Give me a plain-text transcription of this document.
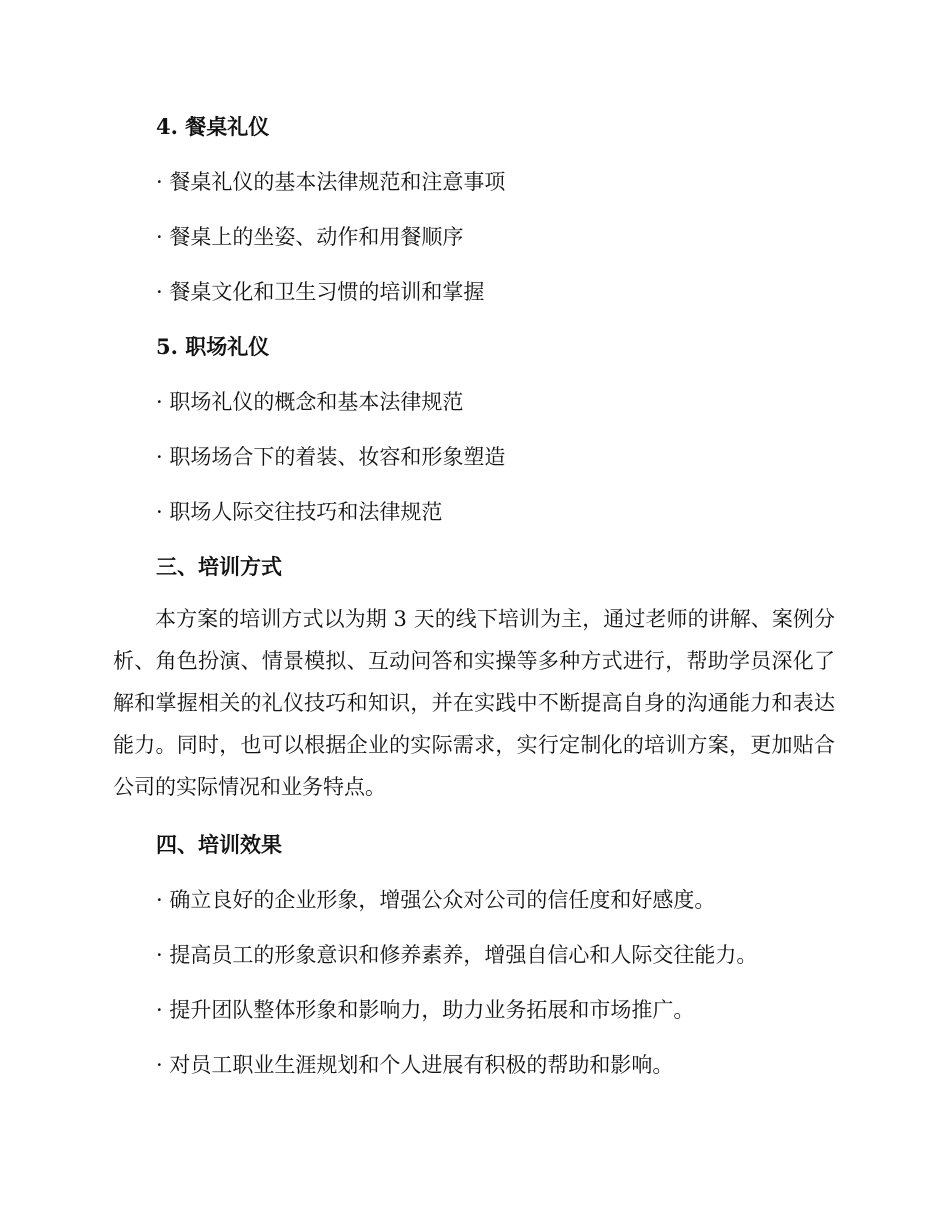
4. 餐桌礼仪
· 餐桌礼仪的基本法律规范和注意事项
· 餐桌上的坐姿、动作和用餐顺序
· 餐桌文化和卫生习惯的培训和掌握
5. 职场礼仪
· 职场礼仪的概念和基本法律规范
· 职场场合下的着装、妆容和形象塑造
· 职场人际交往技巧和法律规范
三、培训方式
本方案的培训方式以为期 3 天的线下培训为主，通过老师的讲解、案例分析、角色扮演、情景模拟、互动问答和实操等多种方式进行，帮助学员深化了解和掌握相关的礼仪技巧和知识，并在实践中不断提高自身的沟通能力和表达能力。同时，也可以根据企业的实际需求，实行定制化的培训方案，更加贴合公司的实际情况和业务特点。
四、培训效果
· 确立良好的企业形象，增强公众对公司的信任度和好感度。
· 提高员工的形象意识和修养素养，增强自信心和人际交往能力。
· 提升团队整体形象和影响力，助力业务拓展和市场推广。
· 对员工职业生涯规划和个人进展有积极的帮助和影响。
